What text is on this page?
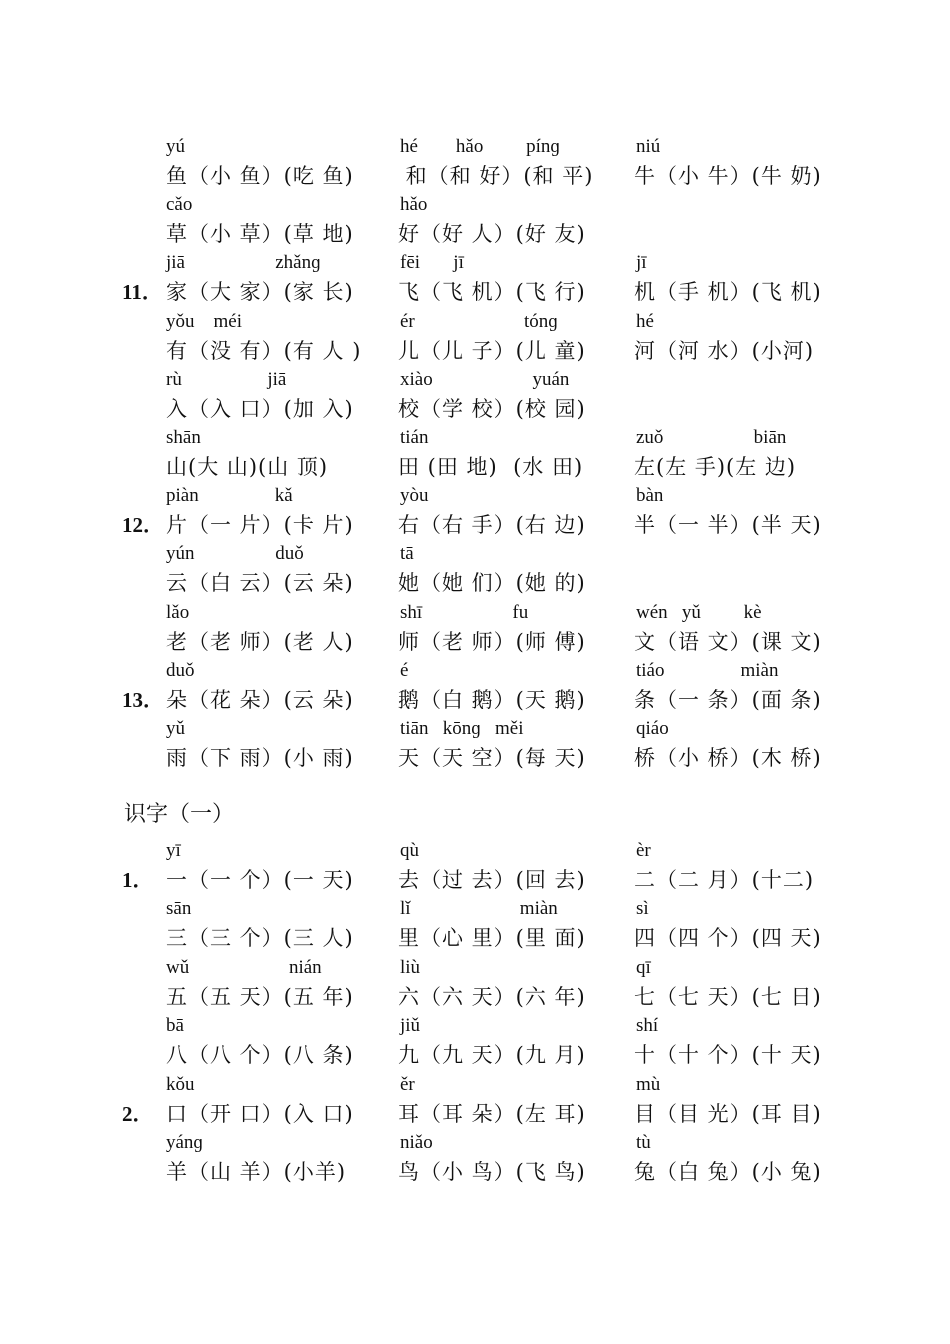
yú	hé        hǎo         pínɡ	niú
鱼（小 鱼）(吃 鱼) 和（和 好）(和 平) 牛（小 牛）(牛 奶)
cǎo	hǎo
草（小 草）(草 地) 好（好 人）(好 友)
jiā                   zhǎnɡ	fēi       jī	jī
11． 家（大 家）(家 长) 飞（飞 机）(飞 行) 机（手 机）(飞 机)
yǒu    méi	ér                       tónɡ	hé
有（没 有）(有 人 ) 儿（儿 子）(儿 童) 河（河 水）(小河)
rù                  jiā	xiào                     yuán
入（入 口）(加 入) 校（学 校）(校 园)
shān	tián	zuǒ                   biān
山(大 山)(山 顶)	田 (田 地)  (水 田) 左(左 手)(左 边)
piàn                kǎ	yòu	bàn
12． 片（一 片）(卡 片) 右（右 手）(右 边) 半（一 半）(半 天)
yún                 duǒ	tā
云（白 云）(云 朵) 她（她 们）(她 的)
lǎo	shī                   fu	wén   yǔ         kè
老（老 师）(老 人) 师（老 师）(师 傅) 文（语 文）(课 文)
duǒ	é	tiáo                miàn
13． 朵（花 朵）(云 朵) 鹅（白 鹅）(天 鹅) 条（一 条）(面 条)
yǔ	tiān   kōnɡ   měi	qiáo
雨（下 雨）(小 雨) 天（天 空）(每 天) 桥（小 桥）(木 桥)
yī	qù	èr
1． 一（一 个）(一 天) 去（过 去）(回 去) 二（二 月）(十二)
sān	lǐ                       miàn	sì
三（三 个）(三 人) 里（心 里）(里 面) 四（四 个）(四 天)
wǔ                     nián	liù	qī
五（五 天）(五 年) 六（六 天）(六 年) 七（七 天）(七 日)
bā	jiǔ	shí
八（八 个）(八 条) 九（九 天）(九 月) 十（十 个）(十 天)
kǒu	ěr	mù
2． 口（开 口）(入 口) 耳（耳 朵）(左 耳) 目（目 光）(耳 目)
yánɡ	niǎo	tù
羊（山 羊）(小羊) 鸟（小 鸟）(飞 鸟) 兔（白 兔）(小 兔)
识字（一）
